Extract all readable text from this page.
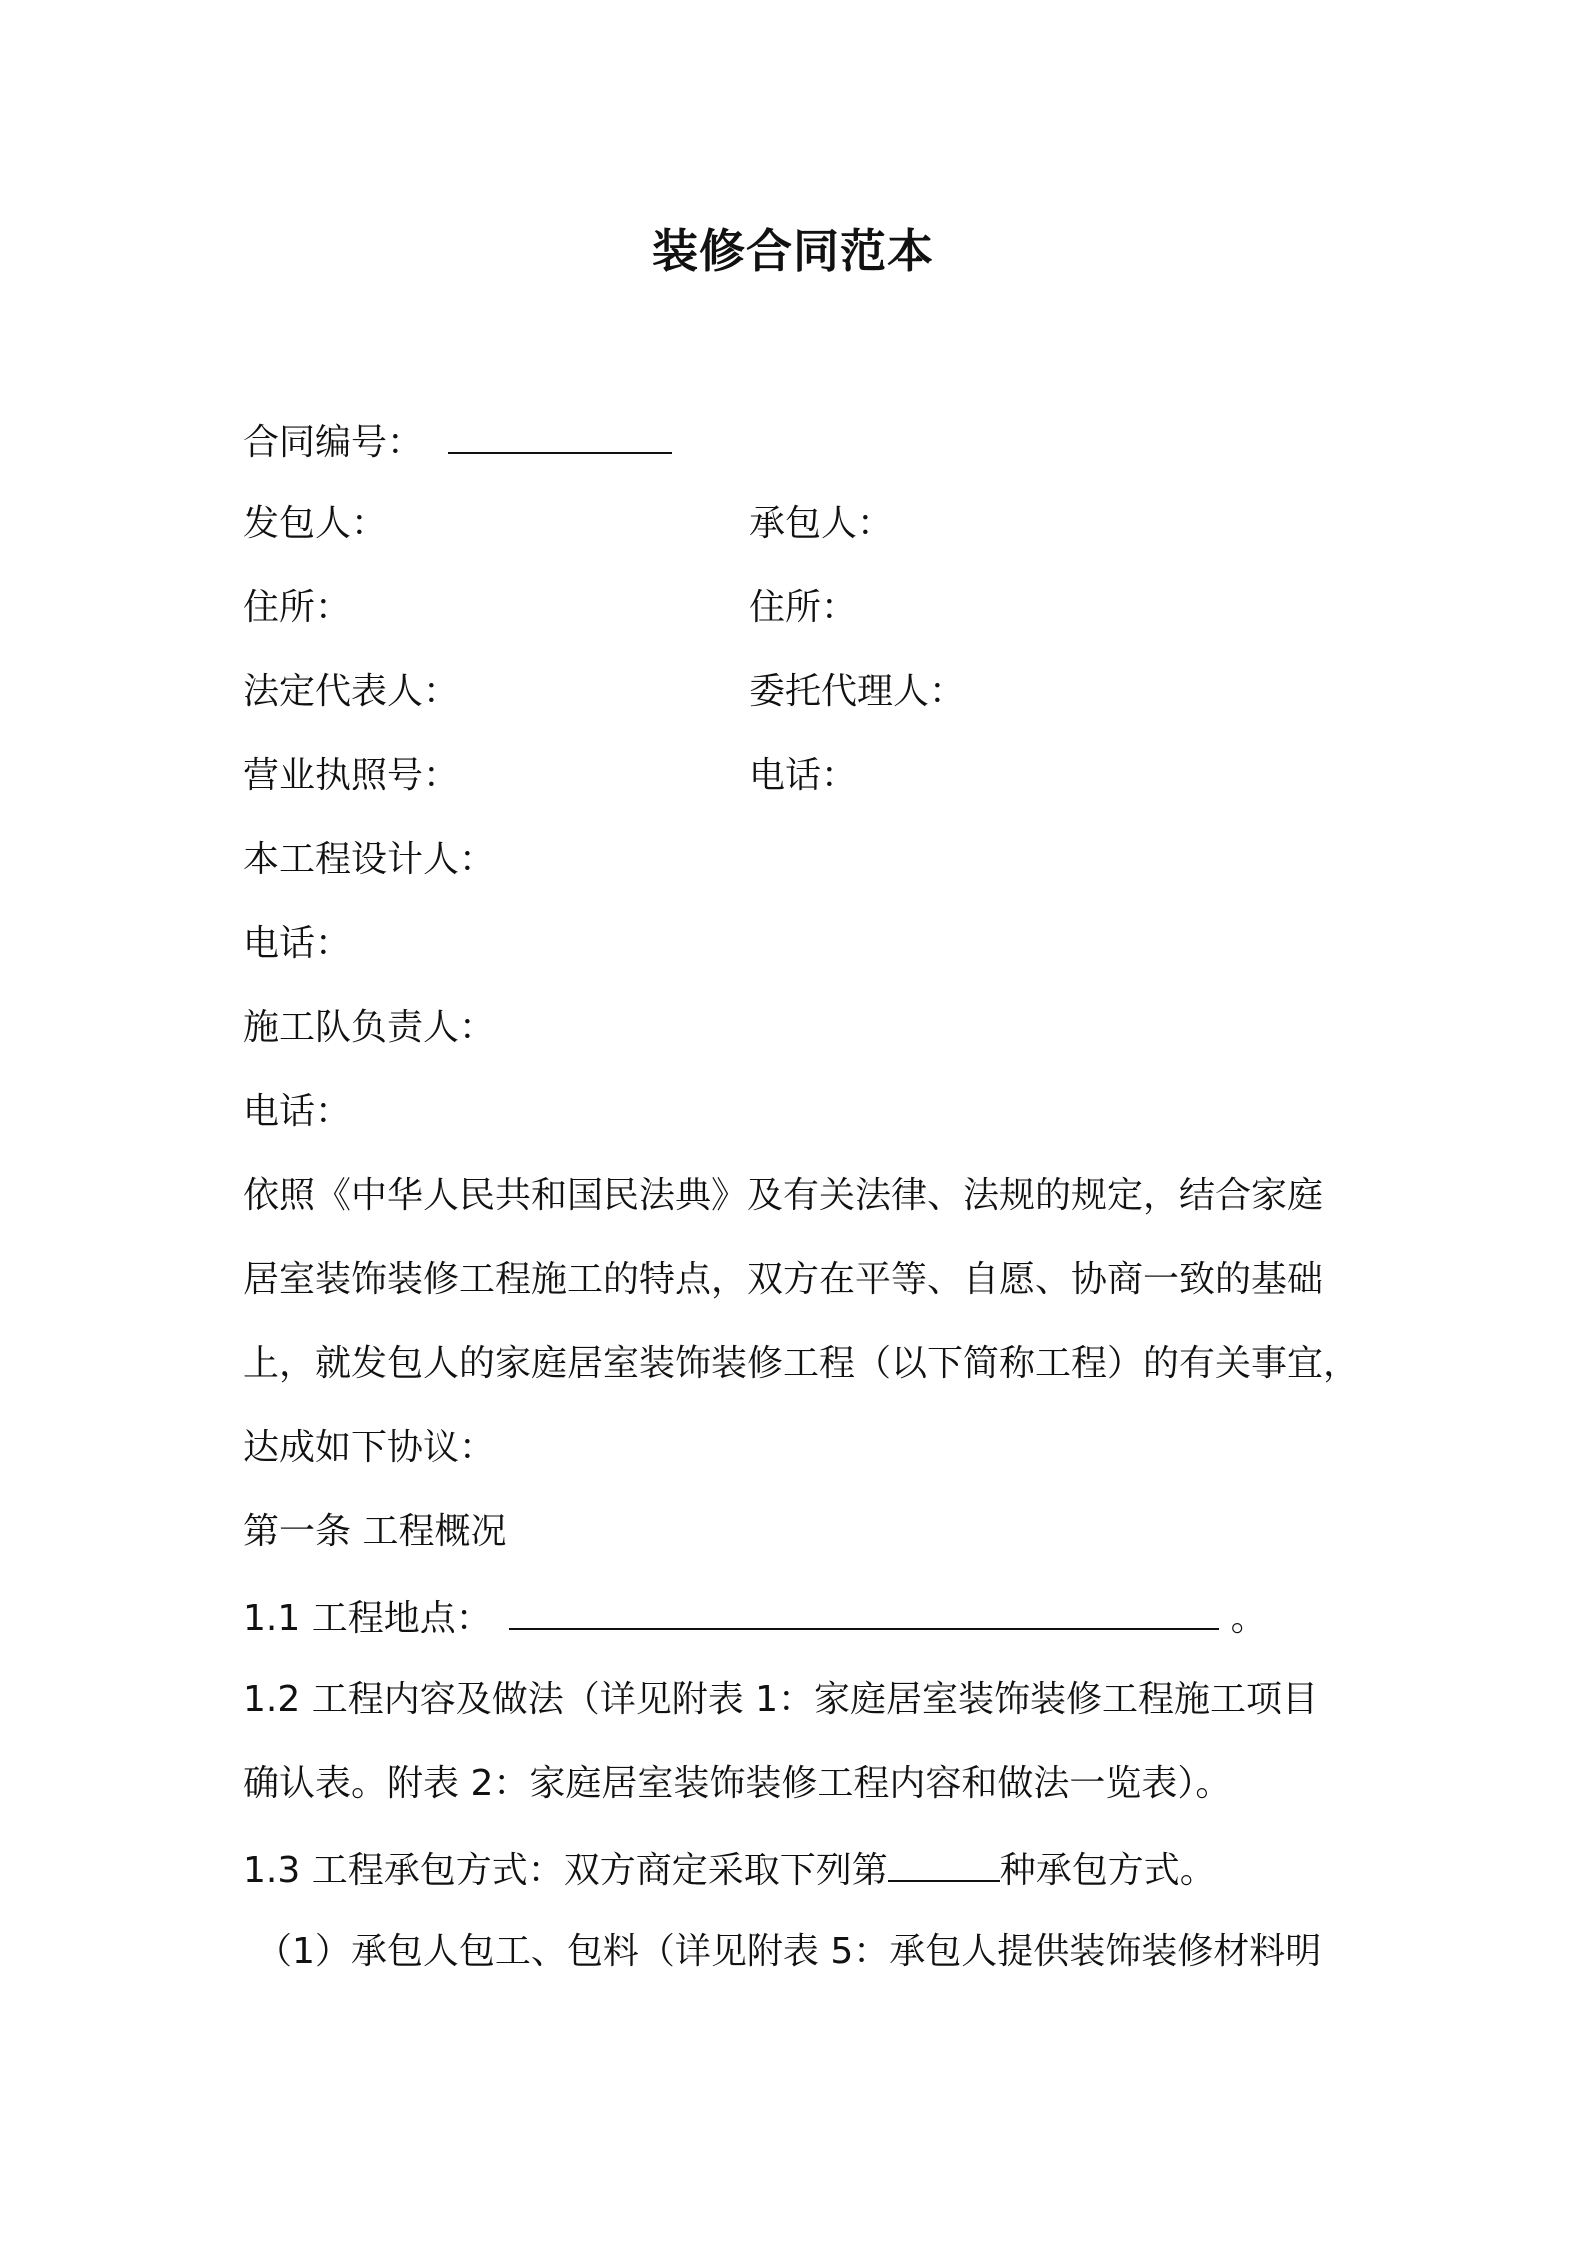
装修合同范本
合同编号：
发包人：	承包人：
住所：	住所：
法定代表人：	委托代理人：
营业执照号：	电话：
本工程设计人：
电话：
施工队负责人：
电话：
依照《中华人民共和国民法典》及有关法律、法规的规定，结合家庭
居室装饰装修工程施工的特点，双方在平等、自愿、协商一致的基础
上，就发包人的家庭居室装饰装修工程（以下简称工程）的有关事宜，
达成如下协议：
第一条 工程概况
1.1 工程地点：	。
1.2 工程内容及做法（详见附表 1：家庭居室装饰装修工程施工项目
确认表。附表 2：家庭居室装饰装修工程内容和做法一览表）。
1.3 工程承包方式：双方商定采取下列第	种承包方式。
（1）承包人包工、包料（详见附表 5：承包人提供装饰装修材料明
